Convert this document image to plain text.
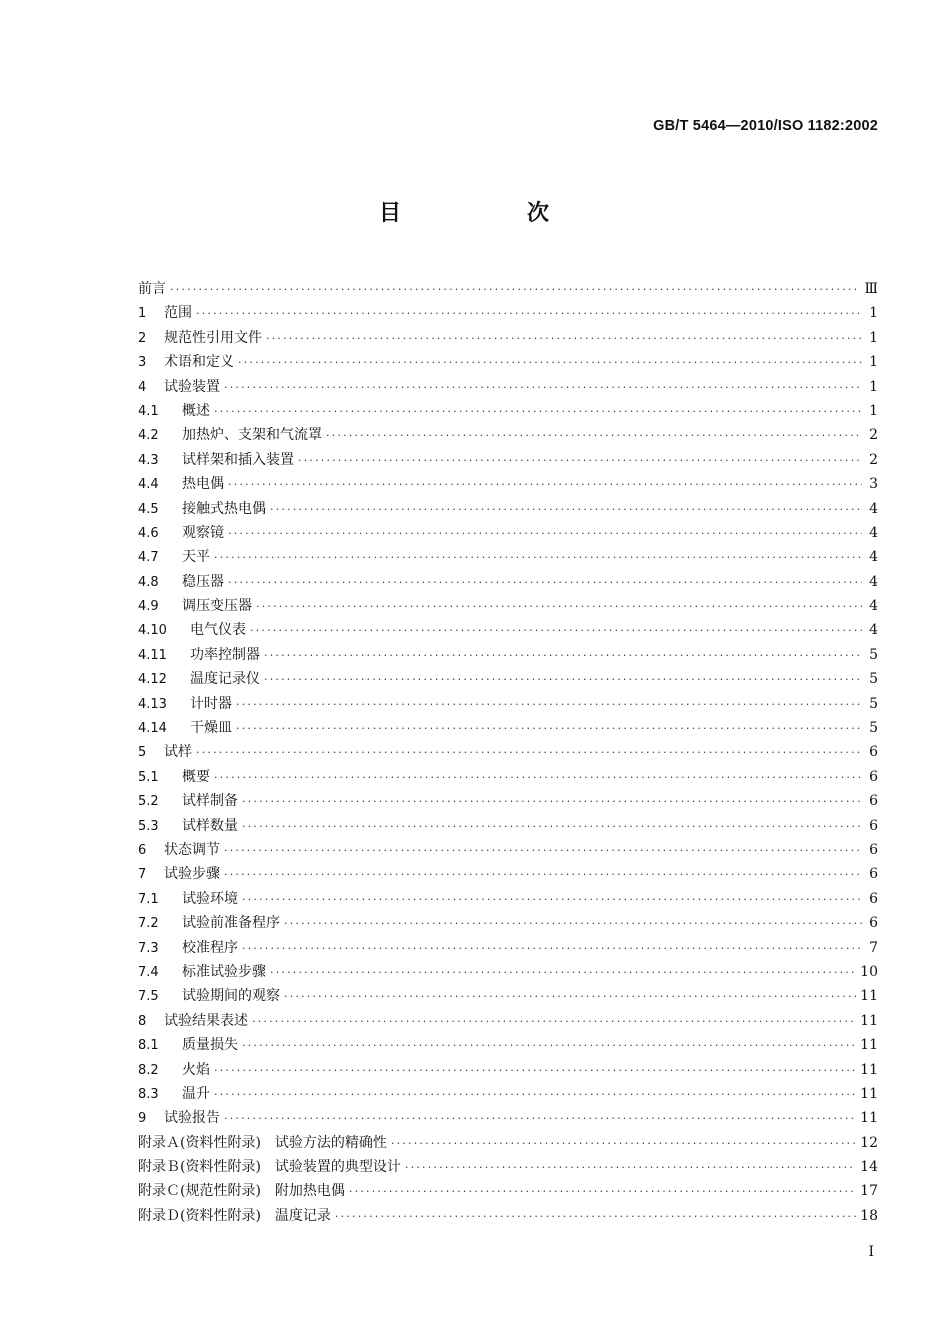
GB/T 5464—2010/ISO 1182:2002
目　次
前言 ·····	Ⅲ
1	范围 ·····	1
2	规范性引用文件 ·····	1
3	术语和定义 ·····	1
4	试验装置 ·····	1
4.1	概述 ·····	1
4.2	加热炉、支架和气流罩 ·····	2
4.3	试样架和插入装置 ·····	2
4.4	热电偶 ·····	3
4.5	接触式热电偶 ·····	4
4.6	观察镜 ·····	4
4.7	天平 ·····	4
4.8	稳压器 ·····	4
4.9	调压变压器 ·····	4
4.10	电气仪表 ·····	4
4.11	功率控制器 ·····	5
4.12	温度记录仪 ·····	5
4.13	计时器 ·····	5
4.14	干燥皿 ·····	5
5	试样 ·····	6
5.1	概要 ·····	6
5.2	试样制备 ·····	6
5.3	试样数量 ·····	6
6	状态调节 ·····	6
7	试验步骤 ·····	6
7.1	试验环境 ·····	6
7.2	试验前准备程序 ·····	6
7.3	校准程序 ·····	7
7.4	标准试验步骤 ·····	10
7.5	试验期间的观察 ·····	11
8	试验结果表述 ·····	11
8.1	质量损失 ·····	11
8.2	火焰 ·····	11
8.3	温升 ·····	11
9	试验报告 ·····	11
附录Ａ(资料性附录)　试验方法的精确性 ·····	12
附录Ｂ(资料性附录)　试验装置的典型设计 ·····	14
附录Ｃ(规范性附录)　附加热电偶 ·····	17
附录Ｄ(资料性附录)　温度记录 ·····	18
Ⅰ
